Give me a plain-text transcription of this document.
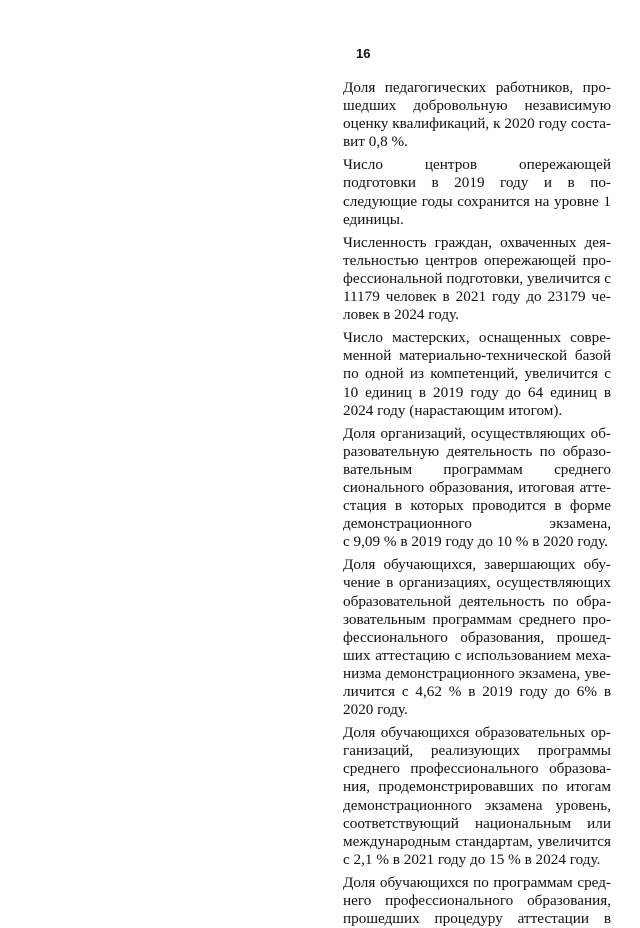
16
Доля педагогических работников, про-
шедших добровольную независимую
оценку квалификаций, к 2020 году соста-
вит 0,8 %.
Число центров опережающей
подготовки в 2019 году и в по-
следующие годы сохранится на уровне 1
единицы.
Численность граждан, охваченных дея-
тельностью центров опережающей про-
фессиональной подготовки, увеличится с
11179 человек в 2021 году до 23179 че-
ловек в 2024 году.
Число мастерских, оснащенных совре-
менной материально-технической базой
по одной из компетенций, увеличится с
10 единиц в 2019 году до 64 единиц в
2024 году (нарастающим итогом).
Доля организаций, осуществляющих об-
разовательную деятельность по образо-
вательным программам среднего
сионального образования, итоговая атте-
стация в которых проводится в форме
демонстрационного экзамена,
с 9,09 % в 2019 году до 10 % в 2020 году.
Доля обучающихся, завершающих обу-
чение в организациях, осуществляющих
образовательной деятельность по обра-
зовательным программам среднего про-
фессионального образования, прошед-
ших аттестацию с использованием меха-
низма демонстрационного экзамена, уве-
личится с 4,62 % в 2019 году до 6% в
2020 году.
Доля обучающихся образовательных ор-
ганизаций, реализующих программы
среднего профессионального образова-
ния, продемонстрировавших по итогам
демонстрационного экзамена уровень,
соответствующий национальным или
международным стандартам, увеличится
с 2,1 % в 2021 году до 15 % в 2024 году.
Доля обучающихся по программам сред-
него профессионального образования,
прошедших процедуру аттестации в
